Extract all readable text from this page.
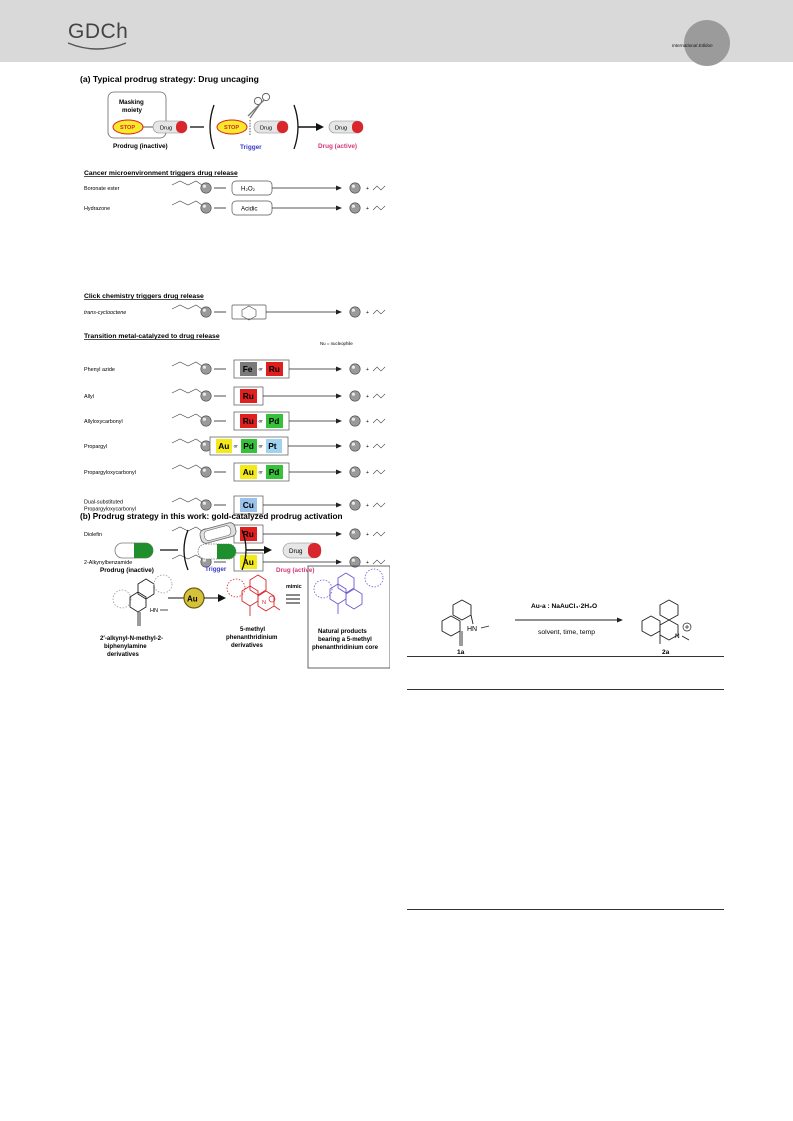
GDCh
International Edition
(a) Typical prodrug strategy: Drug uncaging
Masking moiety
STOP	Drug
Prodrug (inactive)
STOP	Drug
Trigger
Drug
Drug (active)
Cancer microenvironment triggers drug release
Boronate ester	H₂O₂	+
Hydrazone	Acidic	+
Click chemistry triggers drug release
trans-cyclooctene	+
Transition metal-catalyzed to drug release
Nu = nucleophile
Phenyl azide	Fe or Ru	+
Allyl	Ru	+
Allyloxycarbonyl	Ru or Pd	+
Propargyl	Au or Pd or Pt	+
Propargyloxycarbonyl	Au or Pd	+
Dual-substituted
Propargyloxycarbonyl	Cu	+
Diolefin	Ru	+
2-Alkynylbenzamide	Au	+
(b) Prodrug strategy in this work: gold-catalyzed prodrug activation
Prodrug (inactive)	Trigger
Drug
Drug (active)
HN
2′-alkynyl-N-methyl-2-biphenylamine derivatives
Au	N
5-methyl phenanthridinium derivatives
mimic
Natural products bearing a 5-methyl phenanthridinium core
HN
1a
Au-a : NaAuCl₄·2H₂O
solvent, time, temp
N
2a
